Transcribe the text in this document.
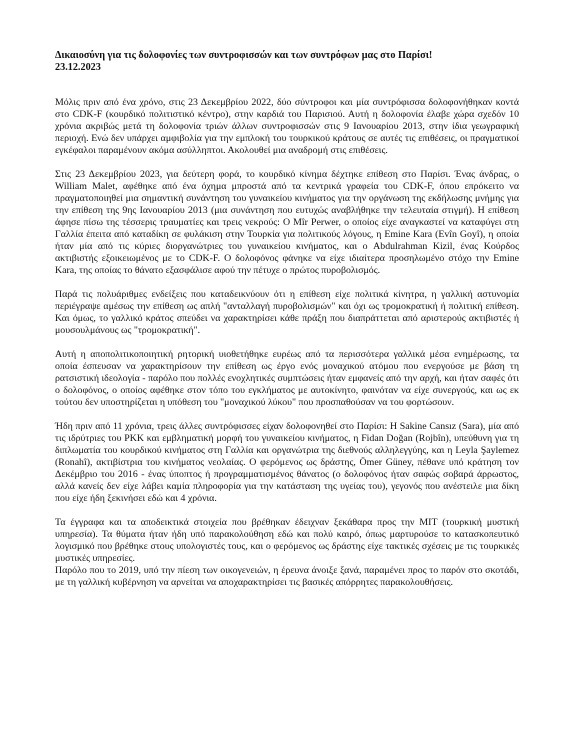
Δικαιοσύνη για τις δολοφονίες των συντροφισσών και των συντρόφων μας στο Παρίσι!
23.12.2023

Μόλις πριν από ένα χρόνο, στις 23 Δεκεμβρίου 2022, δύο σύντροφοι και μία συντρόφισσα δολοφονήθηκαν κοντά στο CDK-F (κουρδικό πολιτιστικό κέντρο), στην καρδιά του Παρισιού. Αυτή η δολοφονία έλαβε χώρα σχεδόν 10 χρόνια ακριβώς μετά τη δολοφονία τριών άλλων συντροφισσών στις 9 Ιανουαρίου 2013, στην ίδια γεωγραφική περιοχή. Ενώ δεν υπάρχει αμφιβολία για την εμπλοκή του τουρκικού κράτους σε αυτές τις επιθέσεις, οι πραγματικοί εγκέφαλοι παραμένουν ακόμα ασύλληπτοι. Ακολουθεί μια αναδρομή στις επιθέσεις.

Στις 23 Δεκεμβρίου 2023, για δεύτερη φορά, το κουρδικό κίνημα δέχτηκε επίθεση στο Παρίσι. Ένας άνδρας, ο William Malet, αφέθηκε από ένα όχημα μπροστά από τα κεντρικά γραφεία του CDK-F, όπου επρόκειτο να πραγματοποιηθεί μια σημαντική συνάντηση του γυναικείου κινήματος για την οργάνωση της εκδήλωσης μνήμης για την επίθεση της 9ης Ιανουαρίου 2013 (μια συνάντηση που ευτυχώς αναβλήθηκε την τελευταία στιγμή). Η επίθεση άφησε πίσω της τέσσερις τραυματίες και τρεις νεκρούς: Ο Mîr Perwer, ο οποίος είχε αναγκαστεί να καταφύγει στη Γαλλία έπειτα από καταδίκη σε φυλάκιση στην Τουρκία για πολιτικούς λόγους, η Emine Kara (Evîn Goyî), η οποία ήταν μία από τις κύριες διοργανώτριες του γυναικείου κινήματος, και ο Abdulrahman Kizil, ένας Κούρδος ακτιβιστής εξοικειωμένος με το CDK-F. Ο δολοφόνος φάνηκε να είχε ιδιαίτερα προσηλωμένο στόχο την Emine Kara, της οποίας το θάνατο εξασφάλισε αφού την πέτυχε ο πρώτος πυροβολισμός.

Παρά τις πολυάριθμες ενδείξεις που καταδεικνύουν ότι η επίθεση είχε πολιτικά κίνητρα, η γαλλική αστυνομία περιέγραψε αμέσως την επίθεση ως απλή "ανταλλαγή πυροβολισμών" και όχι ως τρομοκρατική ή πολιτική επίθεση. Και όμως, το γαλλικό κράτος σπεύδει να χαρακτηρίσει κάθε πράξη που διαπράττεται από αριστερούς ακτιβιστές ή μουσουλμάνους ως "τρομοκρατική".

Αυτή η αποπολιτικοποιητική ρητορική υιοθετήθηκε ευρέως από τα περισσότερα γαλλικά μέσα ενημέρωσης, τα οποία έσπευσαν να χαρακτηρίσουν την επίθεση ως έργο ενός μοναχικού ατόμου που ενεργούσε με βάση τη ρατσιστική ιδεολογία - παρόλο που πολλές ενοχλητικές συμπτώσεις ήταν εμφανείς από την αρχή, και ήταν σαφές ότι ο δολοφόνος, ο οποίος αφέθηκε στον τόπο του εγκλήματος με αυτοκίνητο, φαινόταν να είχε συνεργούς, και ως εκ τούτου δεν υποστηρίζεται η υπόθεση του "μοναχικού λύκου" που προσπαθούσαν να του φορτώσουν.

Ήδη πριν από 11 χρόνια, τρεις άλλες συντρόφισσες είχαν δολοφονηθεί στο Παρίσι: Η Sakine Cansız (Sara), μία από τις ιδρύτριες του PKK και εμβληματική μορφή του γυναικείου κινήματος, η Fidan Doğan (Rojbîn), υπεύθυνη για τη διπλωματία του κουρδικού κινήματος στη Γαλλία και οργανώτρια της διεθνούς αλληλεγγύης, και η Leyla Şaylemez (Ronahî), ακτιβίστρια του κινήματος νεολαίας. Ο φερόμενος ως δράστης, Ömer Güney, πέθανε υπό κράτηση τον Δεκέμβριο του 2016 - ένας ύποπτος ή προγραμματισμένος θάνατος (ο δολοφόνος ήταν σαφώς σοβαρά άρρωστος, αλλά κανείς δεν είχε λάβει καμία πληροφορία για την κατάσταση της υγείας του), γεγονός που ανέστειλε μια δίκη που είχε ήδη ξεκινήσει εδώ και 4 χρόνια.

Τα έγγραφα και τα αποδεικτικά στοιχεία που βρέθηκαν έδειχναν ξεκάθαρα προς την MIT (τουρκική μυστική υπηρεσία). Τα θύματα ήταν ήδη υπό παρακολούθηση εδώ και πολύ καιρό, όπως μαρτυρούσε το κατασκοπευτικό λογισμικό που βρέθηκε στους υπολογιστές τους, και ο φερόμενος ως δράστης είχε τακτικές σχέσεις με τις τουρκικές μυστικές υπηρεσίες.

Παρόλο που το 2019, υπό την πίεση των οικογενειών, η έρευνα άνοιξε ξανά, παραμένει προς το παρόν στο σκοτάδι, με τη γαλλική κυβέρνηση να αρνείται να αποχαρακτηρίσει τις βασικές απόρρητες παρακολουθήσεις.
